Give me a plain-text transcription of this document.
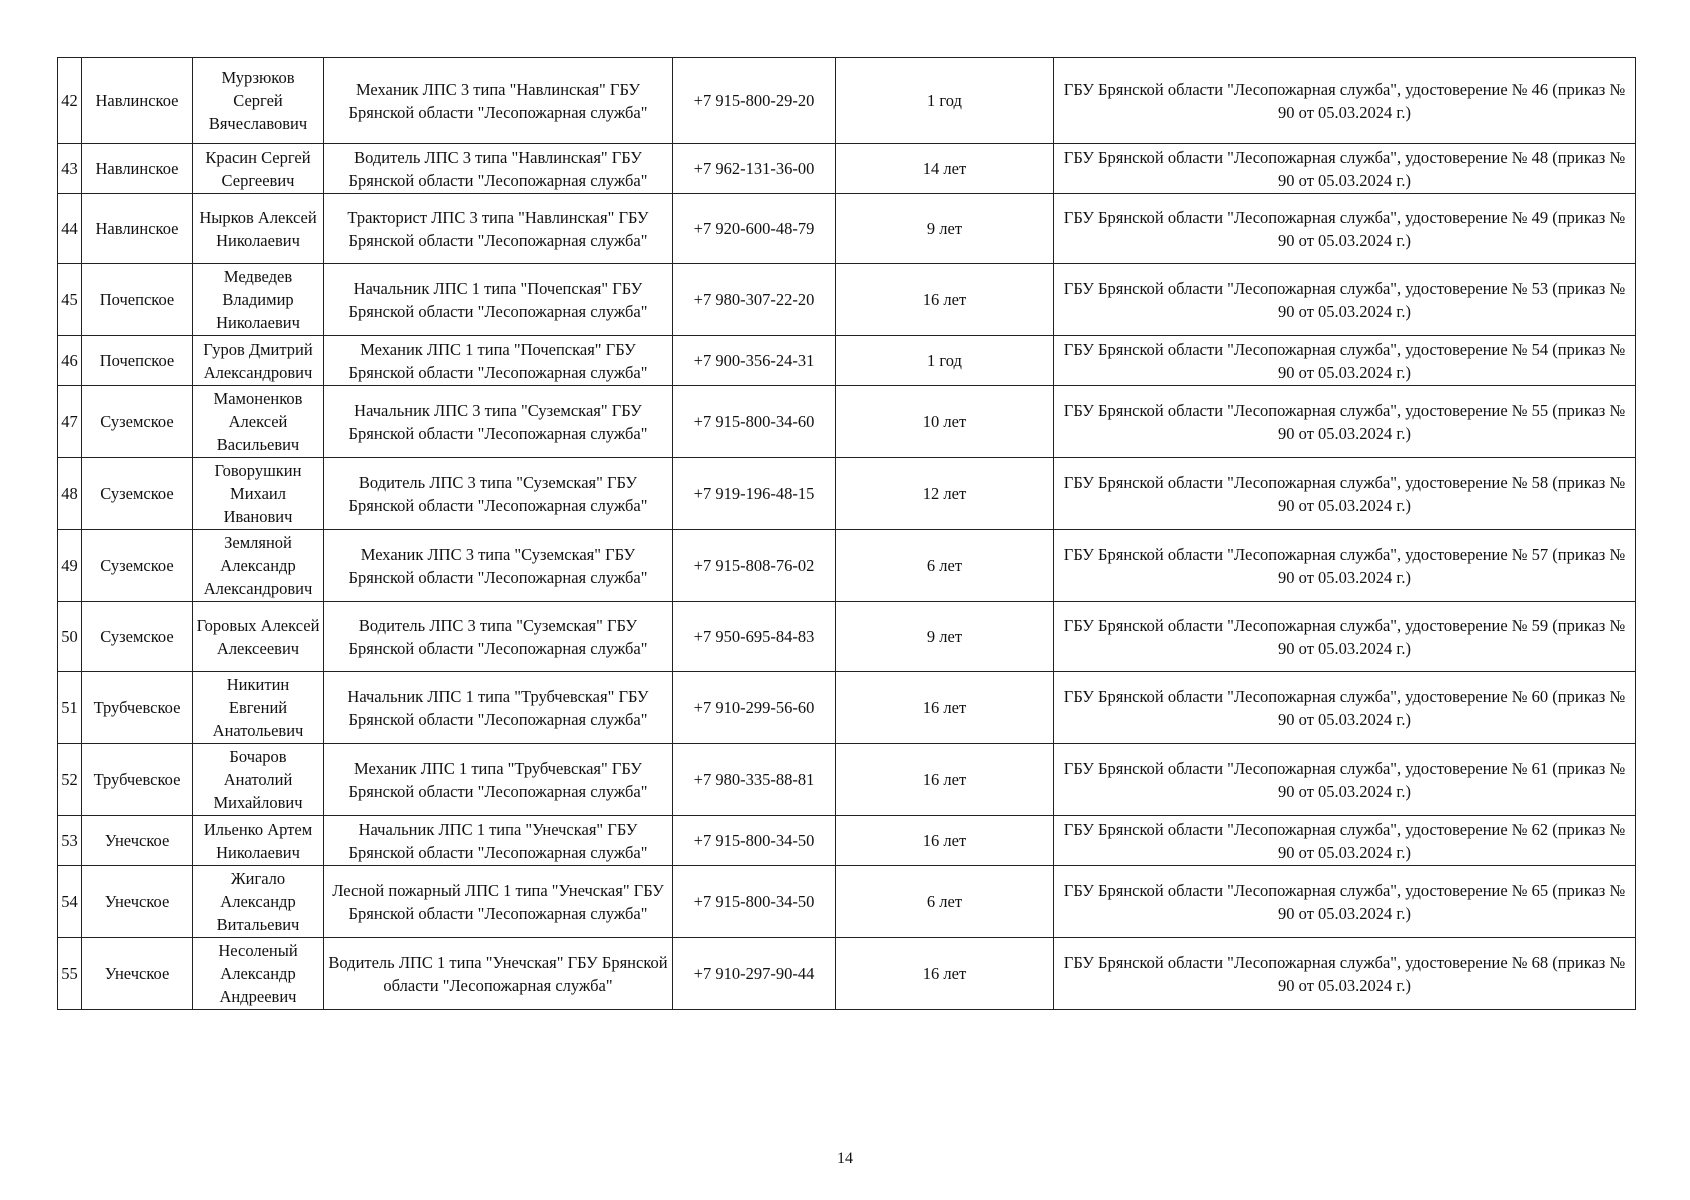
42	Навлинское	Мурзюков Сергей Вячеславович	Механик ЛПС 3 типа "Навлинская" ГБУ Брянской области "Лесопожарная служба"	+7 915-800-29-20	1 год	ГБУ Брянской области "Лесопожарная служба", удостоверение № 46 (приказ № 90 от 05.03.2024 г.)
43	Навлинское	Красин Сергей Сергеевич	Водитель ЛПС 3 типа "Навлинская" ГБУ Брянской области "Лесопожарная служба"	+7 962-131-36-00	14 лет	ГБУ Брянской области "Лесопожарная служба", удостоверение № 48 (приказ № 90 от 05.03.2024 г.)
44	Навлинское	Нырков Алексей Николаевич	Тракторист ЛПС 3 типа "Навлинская" ГБУ Брянской области "Лесопожарная служба"	+7 920-600-48-79	9 лет	ГБУ Брянской области "Лесопожарная служба", удостоверение № 49 (приказ № 90 от 05.03.2024 г.)
45	Почепское	Медведев Владимир Николаевич	Начальник ЛПС 1 типа "Почепская" ГБУ Брянской области "Лесопожарная служба"	+7 980-307-22-20	16 лет	ГБУ Брянской области "Лесопожарная служба", удостоверение № 53 (приказ № 90 от 05.03.2024 г.)
46	Почепское	Гуров Дмитрий Александрович	Механик ЛПС 1 типа "Почепская" ГБУ Брянской области "Лесопожарная служба"	+7 900-356-24-31	1 год	ГБУ Брянской области "Лесопожарная служба", удостоверение № 54 (приказ № 90 от 05.03.2024 г.)
47	Суземское	Мамоненков Алексей Васильевич	Начальник ЛПС 3 типа "Суземская" ГБУ Брянской области "Лесопожарная служба"	+7 915-800-34-60	10 лет	ГБУ Брянской области "Лесопожарная служба", удостоверение № 55 (приказ № 90 от 05.03.2024 г.)
48	Суземское	Говорушкин Михаил Иванович	Водитель ЛПС 3 типа "Суземская" ГБУ Брянской области "Лесопожарная служба"	+7 919-196-48-15	12 лет	ГБУ Брянской области "Лесопожарная служба", удостоверение № 58 (приказ № 90 от 05.03.2024 г.)
49	Суземское	Земляной Александр Александрович	Механик ЛПС 3 типа "Суземская" ГБУ Брянской области "Лесопожарная служба"	+7 915-808-76-02	6 лет	ГБУ Брянской области "Лесопожарная служба", удостоверение № 57 (приказ № 90 от 05.03.2024 г.)
50	Суземское	Горовых Алексей Алексеевич	Водитель ЛПС 3 типа "Суземская" ГБУ Брянской области "Лесопожарная служба"	+7 950-695-84-83	9 лет	ГБУ Брянской области "Лесопожарная служба", удостоверение № 59 (приказ № 90 от 05.03.2024 г.)
51	Трубчевское	Никитин Евгений Анатольевич	Начальник ЛПС 1 типа "Трубчевская" ГБУ Брянской области "Лесопожарная служба"	+7 910-299-56-60	16 лет	ГБУ Брянской области "Лесопожарная служба", удостоверение № 60 (приказ № 90 от 05.03.2024 г.)
52	Трубчевское	Бочаров Анатолий Михайлович	Механик ЛПС 1 типа "Трубчевская" ГБУ Брянской области "Лесопожарная служба"	+7 980-335-88-81	16 лет	ГБУ Брянской области "Лесопожарная служба", удостоверение № 61 (приказ № 90 от 05.03.2024 г.)
53	Унечское	Ильенко Артем Николаевич	Начальник ЛПС 1 типа "Унечская" ГБУ Брянской области "Лесопожарная служба"	+7 915-800-34-50	16 лет	ГБУ Брянской области "Лесопожарная служба", удостоверение № 62 (приказ № 90 от 05.03.2024 г.)
54	Унечское	Жигало Александр Витальевич	Лесной пожарный ЛПС 1 типа "Унечская" ГБУ Брянской области "Лесопожарная служба"	+7 915-800-34-50	6 лет	ГБУ Брянской области "Лесопожарная служба", удостоверение № 65 (приказ № 90 от 05.03.2024 г.)
55	Унечское	Несоленый Александр Андреевич	Водитель ЛПС 1 типа "Унечская" ГБУ Брянской области "Лесопожарная служба"	+7 910-297-90-44	16 лет	ГБУ Брянской области "Лесопожарная служба", удостоверение № 68 (приказ № 90 от 05.03.2024 г.)
14
